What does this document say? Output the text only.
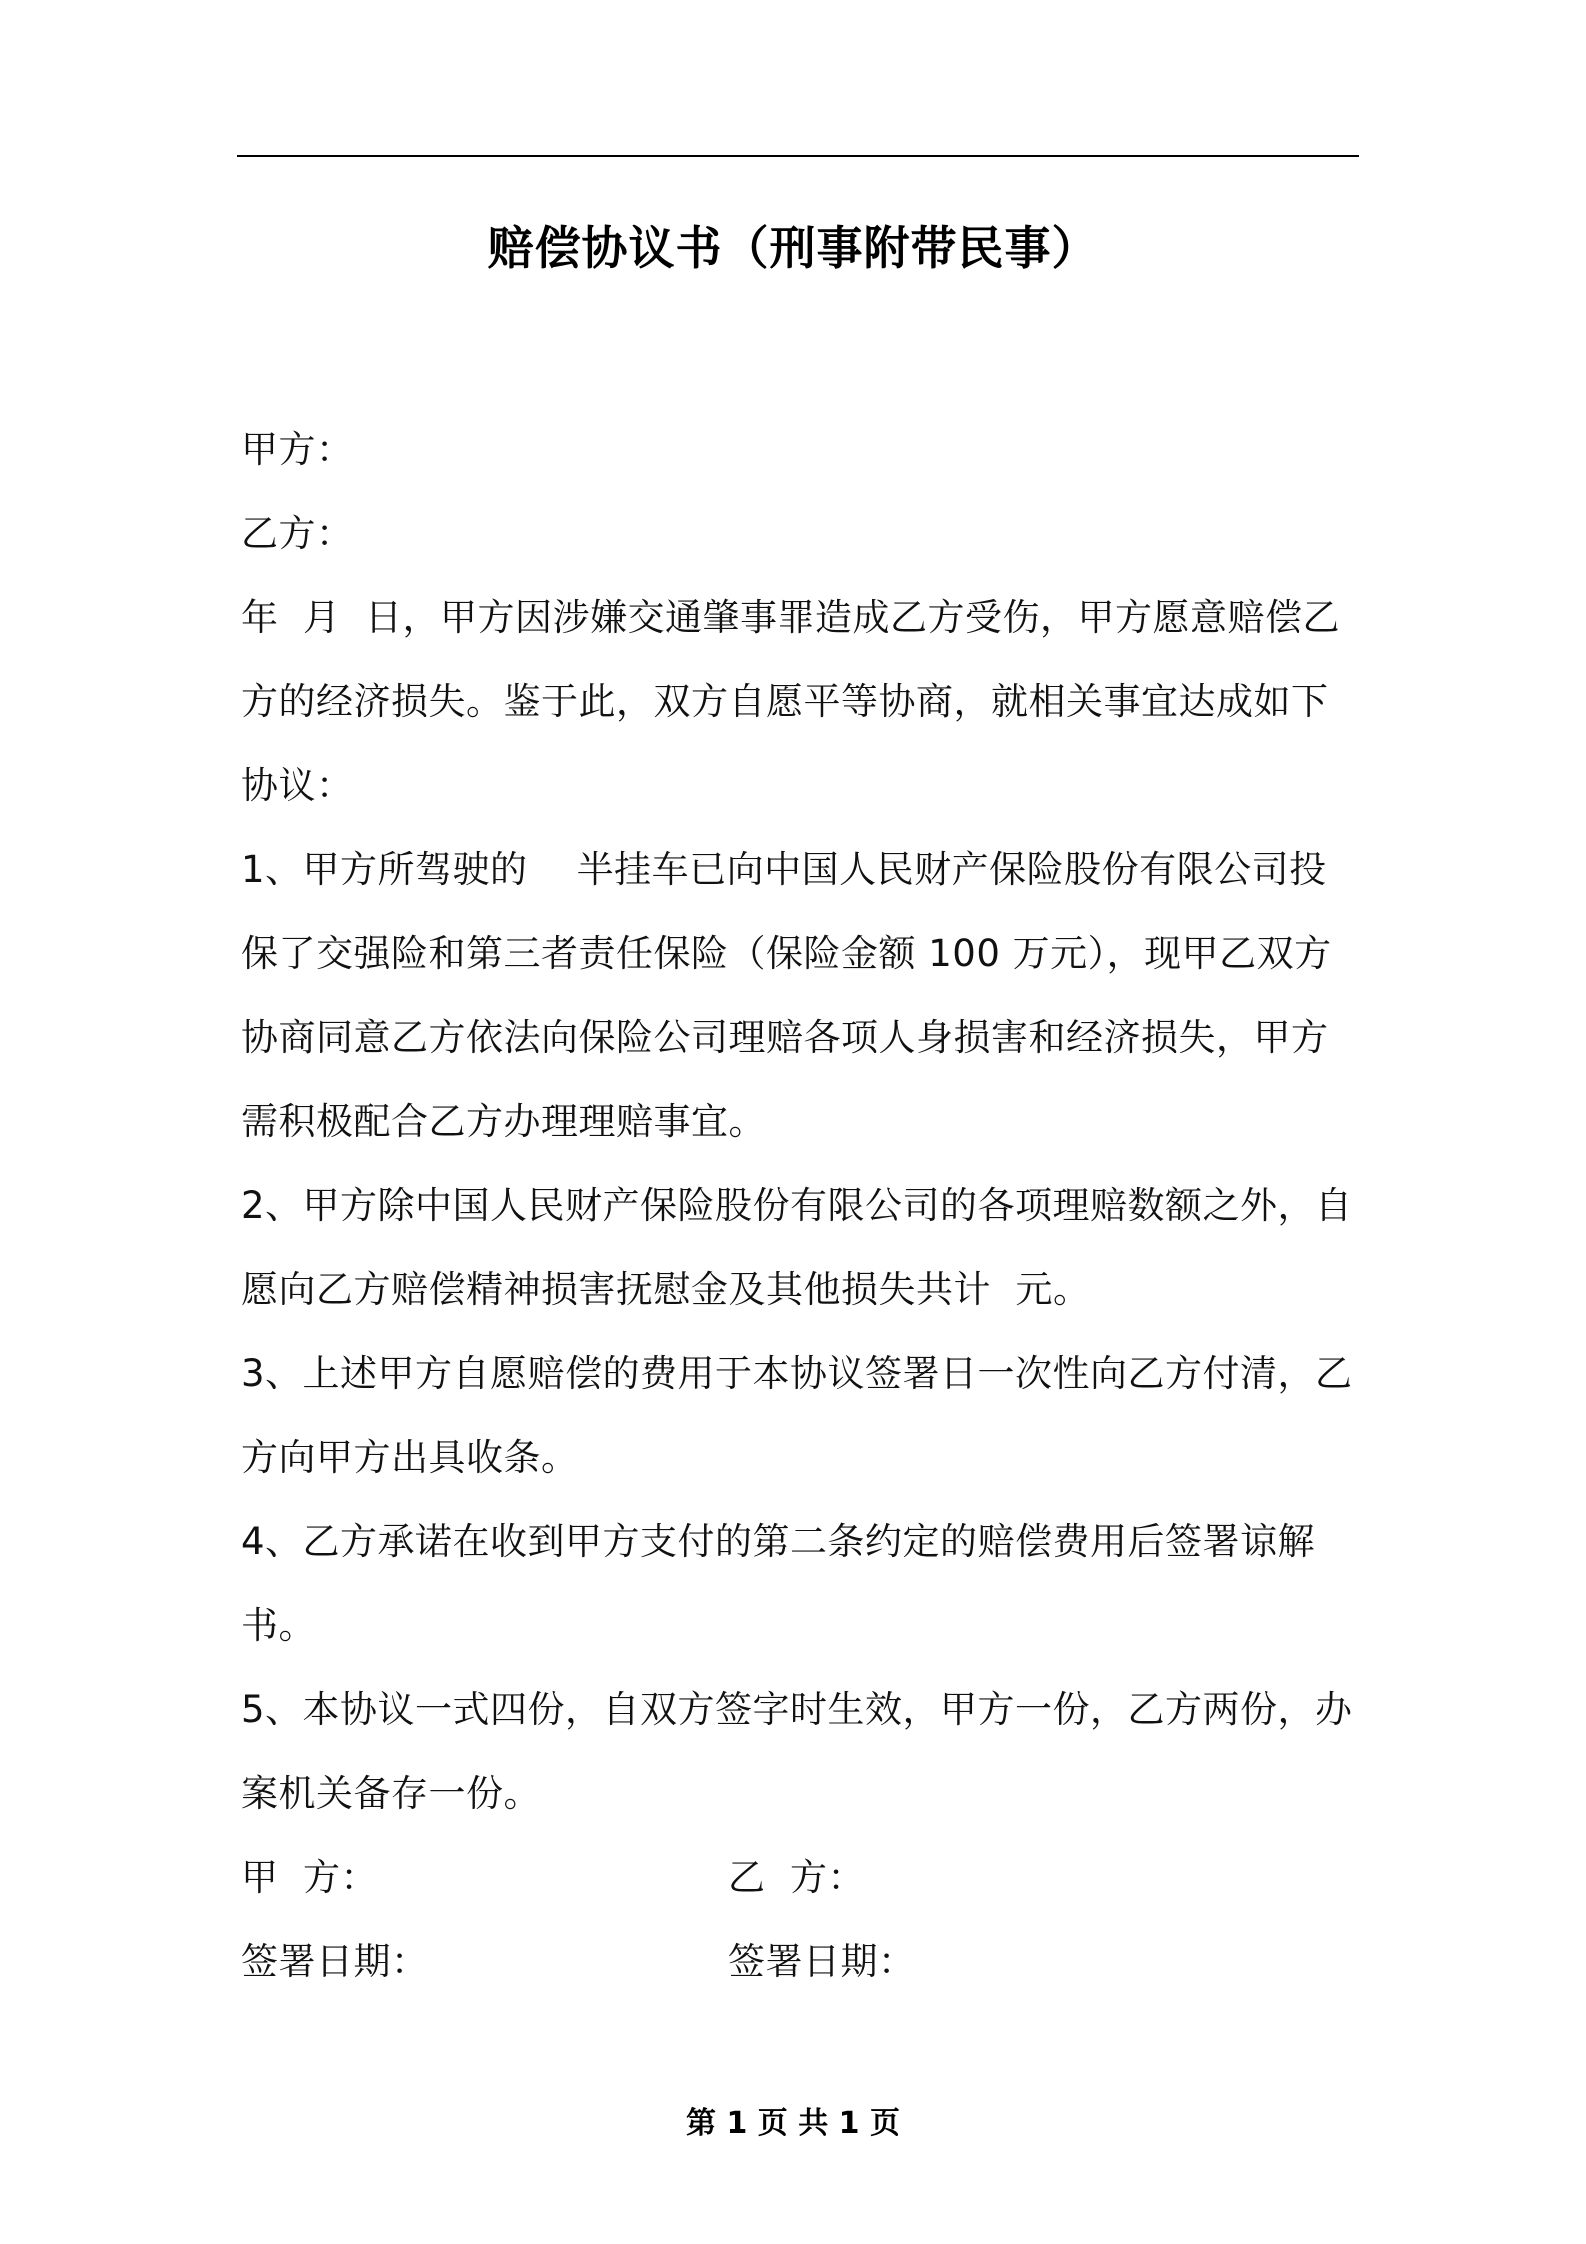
赔偿协议书（刑事附带民事）

甲方：

乙方：

年  月  日，甲方因涉嫌交通肇事罪造成乙方受伤，甲方愿意赔偿乙方的经济损失。鉴于此，双方自愿平等协商，就相关事宜达成如下协议：

1、甲方所驾驶的    半挂车已向中国人民财产保险股份有限公司投保了交强险和第三者责任保险（保险金额 100 万元），现甲乙双方协商同意乙方依法向保险公司理赔各项人身损害和经济损失，甲方需积极配合乙方办理理赔事宜。

2、甲方除中国人民财产保险股份有限公司的各项理赔数额之外，自愿向乙方赔偿精神损害抚慰金及其他损失共计  元。

3、上述甲方自愿赔偿的费用于本协议签署日一次性向乙方付清，乙方向甲方出具收条。

4、乙方承诺在收到甲方支付的第二条约定的赔偿费用后签署谅解书。

5、本协议一式四份，自双方签字时生效，甲方一份，乙方两份，办案机关备存一份。

甲  方：	乙  方：
签署日期：	签署日期：
第 1 页 共 1 页
